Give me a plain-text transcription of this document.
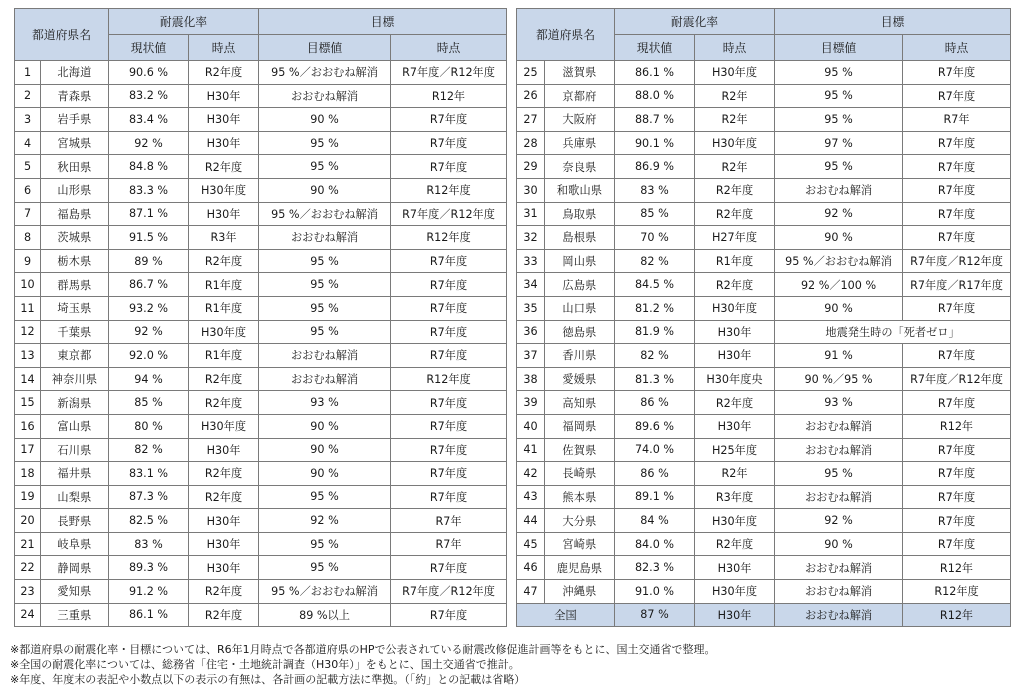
都道府県名		耐震化率		目標	
		現状値	時点	目標値	時点
1	北海道	90.6 %	R2年度	95 %／おおむね解消	R7年度／R12年度
2	青森県	83.2 %	H30年	おおむね解消	R12年
3	岩手県	83.4 %	H30年	90 %	R7年度
4	宮城県	92 %	H30年	95 %	R7年度
5	秋田県	84.8 %	R2年度	95 %	R7年度
6	山形県	83.3 %	H30年度	90 %	R12年度
7	福島県	87.1 %	H30年	95 %／おおむね解消	R7年度／R12年度
8	茨城県	91.5 %	R3年	おおむね解消	R12年度
9	栃木県	89 %	R2年度	95 %	R7年度
10	群馬県	86.7 %	R1年度	95 %	R7年度
11	埼玉県	93.2 %	R1年度	95 %	R7年度
12	千葉県	92 %	H30年度	95 %	R7年度
13	東京都	92.0 %	R1年度	おおむね解消	R7年度
14	神奈川県	94 %	R2年度	おおむね解消	R12年度
15	新潟県	85 %	R2年度	93 %	R7年度
16	富山県	80 %	H30年度	90 %	R7年度
17	石川県	82 %	H30年	90 %	R7年度
18	福井県	83.1 %	R2年度	90 %	R7年度
19	山梨県	87.3 %	R2年度	95 %	R7年度
20	長野県	82.5 %	H30年	92 %	R7年
21	岐阜県	83 %	H30年	95 %	R7年
22	静岡県	89.3 %	H30年	95 %	R7年度
23	愛知県	91.2 %	R2年度	95 %／おおむね解消	R7年度／R12年度
24	三重県	86.1 %	R2年度	89 %以上	R7年度
都道府県名		耐震化率		目標	
		現状値	時点	目標値	時点
25	滋賀県	86.1 %	H30年度	95 %	R7年度
26	京都府	88.0 %	R2年	95 %	R7年度
27	大阪府	88.7 %	R2年	95 %	R7年
28	兵庫県	90.1 %	H30年度	97 %	R7年度
29	奈良県	86.9 %	R2年	95 %	R7年度
30	和歌山県	83 %	R2年度	おおむね解消	R7年度
31	鳥取県	85 %	R2年度	92 %	R7年度
32	島根県	70 %	H27年度	90 %	R7年度
33	岡山県	82 %	R1年度	95 %／おおむね解消	R7年度／R12年度
34	広島県	84.5 %	R2年度	92 %／100 %	R7年度／R17年度
35	山口県	81.2 %	H30年度	90 %	R7年度
36	徳島県	81.9 %	H30年	地震発生時の「死者ゼロ」	
37	香川県	82 %	H30年	91 %	R7年度
38	愛媛県	81.3 %	H30年度央	90 %／95 %	R7年度／R12年度
39	高知県	86 %	R2年度	93 %	R7年度
40	福岡県	89.6 %	H30年	おおむね解消	R12年
41	佐賀県	74.0 %	H25年度	おおむね解消	R7年度
42	長崎県	86 %	R2年	95 %	R7年度
43	熊本県	89.1 %	R3年度	おおむね解消	R7年度
44	大分県	84 %	H30年度	92 %	R7年度
45	宮崎県	84.0 %	R2年度	90 %	R7年度
46	鹿児島県	82.3 %	H30年	おおむね解消	R12年
47	沖縄県	91.0 %	H30年度	おおむね解消	R12年度
全国		87 %	H30年	おおむね解消	R12年
※都道府県の耐震化率・目標については、R6年1月時点で各都道府県のHPで公表されている耐震改修促進計画等をもとに、国土交通省で整理。
※全国の耐震化率については、総務省「住宅・土地統計調査（H30年）」をもとに、国土交通省で推計。
※年度、年度末の表記や小数点以下の表示の有無は、各計画の記載方法に準拠。（「約」との記載は省略）
